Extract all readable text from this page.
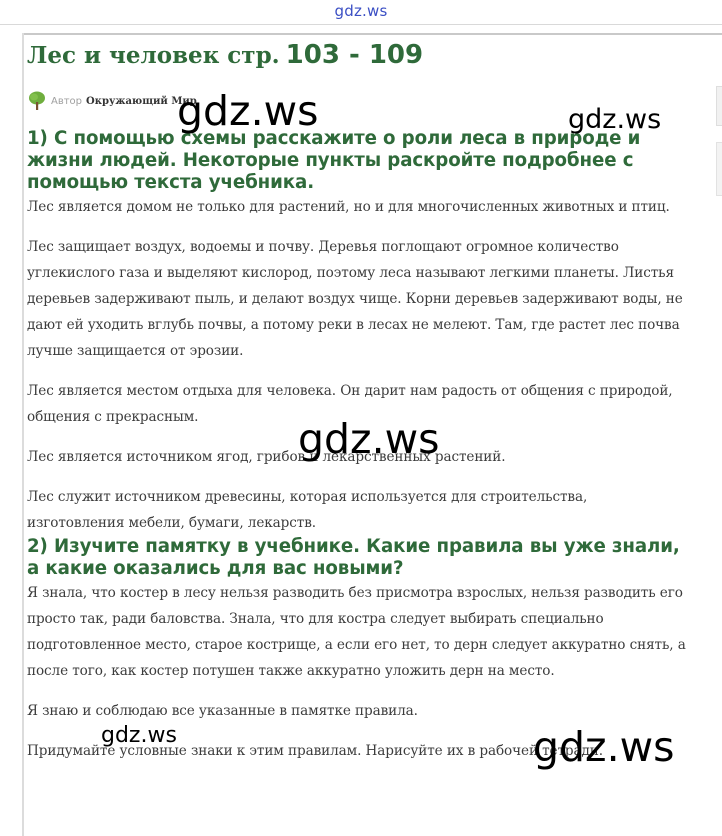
gdz.ws
Лес и человек стр. 103 - 109
Автор Окружающий Мир
1) С помощью схемы расскажите о роли леса в природе и жизни людей. Некоторые пункты раскройте подробнее с помощью текста учебника.

Лес является домом не только для растений, но и для многочисленных животных и птиц.

Лес защищает воздух, водоемы и почву. Деревья поглощают огромное количество углекислого газа и выделяют кислород, поэтому леса называют легкими планеты. Листья деревьев задерживают пыль, и делают воздух чище. Корни деревьев задерживают воды, не дают ей уходить вглубь почвы, а потому реки в лесах не мелеют. Там, где растет лес почва лучше защищается от эрозии.

Лес является местом отдыха для человека. Он дарит нам радость от общения с природой, общения с прекрасным.

Лес является источником ягод, грибов и лекарственных растений.

Лес служит источником древесины, которая используется для строительства, изготовления мебели, бумаги, лекарств.

2) Изучите памятку в учебнике. Какие правила вы уже знали, а какие оказались для вас новыми?

Я знала, что костер в лесу нельзя разводить без присмотра взрослых, нельзя разводить его просто так, ради баловства. Знала, что для костра следует выбирать специально подготовленное место, старое кострище, а если его нет, то дерн следует аккуратно снять, а после того, как костер потушен также аккуратно уложить дерн на место.

Я знаю и соблюдаю все указанные в памятке правила.

Придумайте условные знаки к этим правилам. Нарисуйте их в рабочей тетради.

gdz.ws	gdz.ws
gdz.ws
gdz.ws	gdz.ws
